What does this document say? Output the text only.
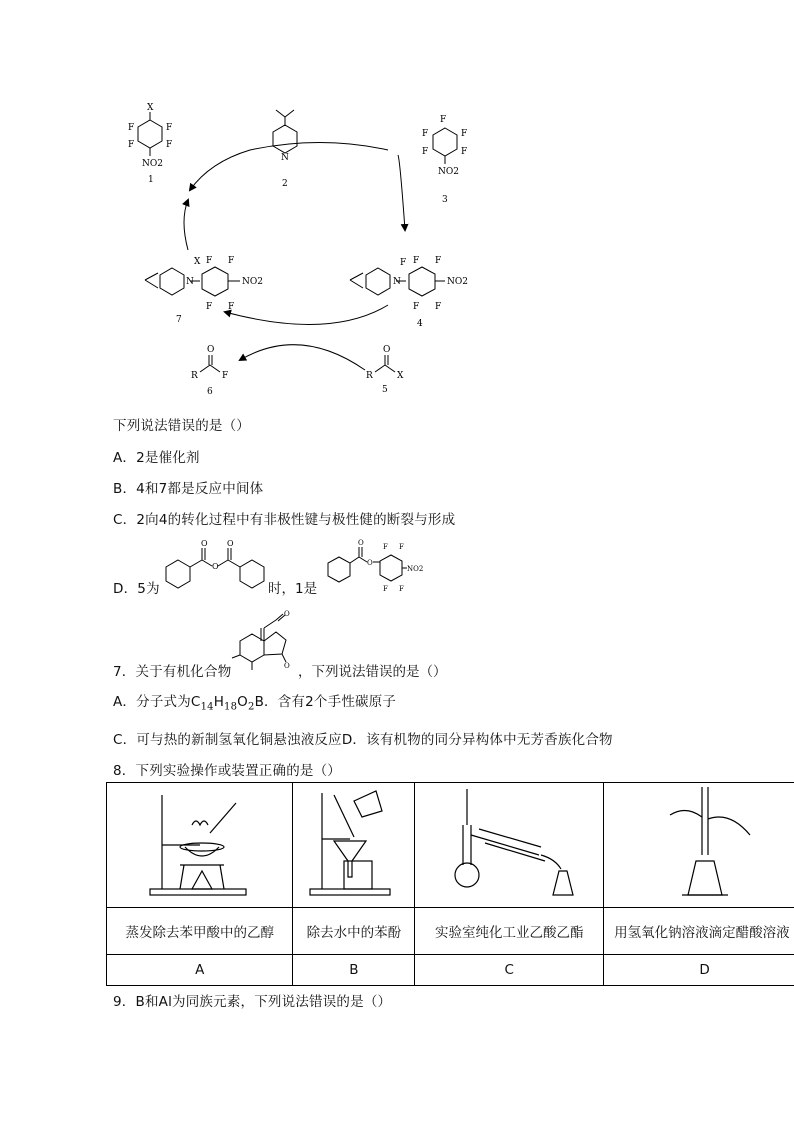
X
F	F
F	F
NO2
1
N
2
F
F	F
F	F
NO2
3
N
X F F
F F
NO2
7
N
F F F
F F
NO2
4
O
R	X
5
O
R	F
6
下列说法错误的是（）
A．2是催化剂
B．4和7都是反应中间体
C．2向4的转化过程中有非极性键与极性健的断裂与形成
D．5为
O
O
O
时，1是
O
O
F F
F F
NO2
7．关于有机化合物
O
O ，下列说法错误的是（）
A．分子式为$C_{14}H_{18}O_2B$．含有2个手性碳原子
C．可与热的新制氢氧化铜悬浊液反应D．该有机物的同分异构体中无芳香族化合物
8．下列实验操作或装置正确的是（）

蒸发除去苯甲酸中的乙醇	除去水中的苯酚	实验室纯化工业乙酸乙酯	用氢氧化钠溶液滴定醋酸溶液
A	B	C	D
9．B和Al为同族元素，下列说法错误的是（）
